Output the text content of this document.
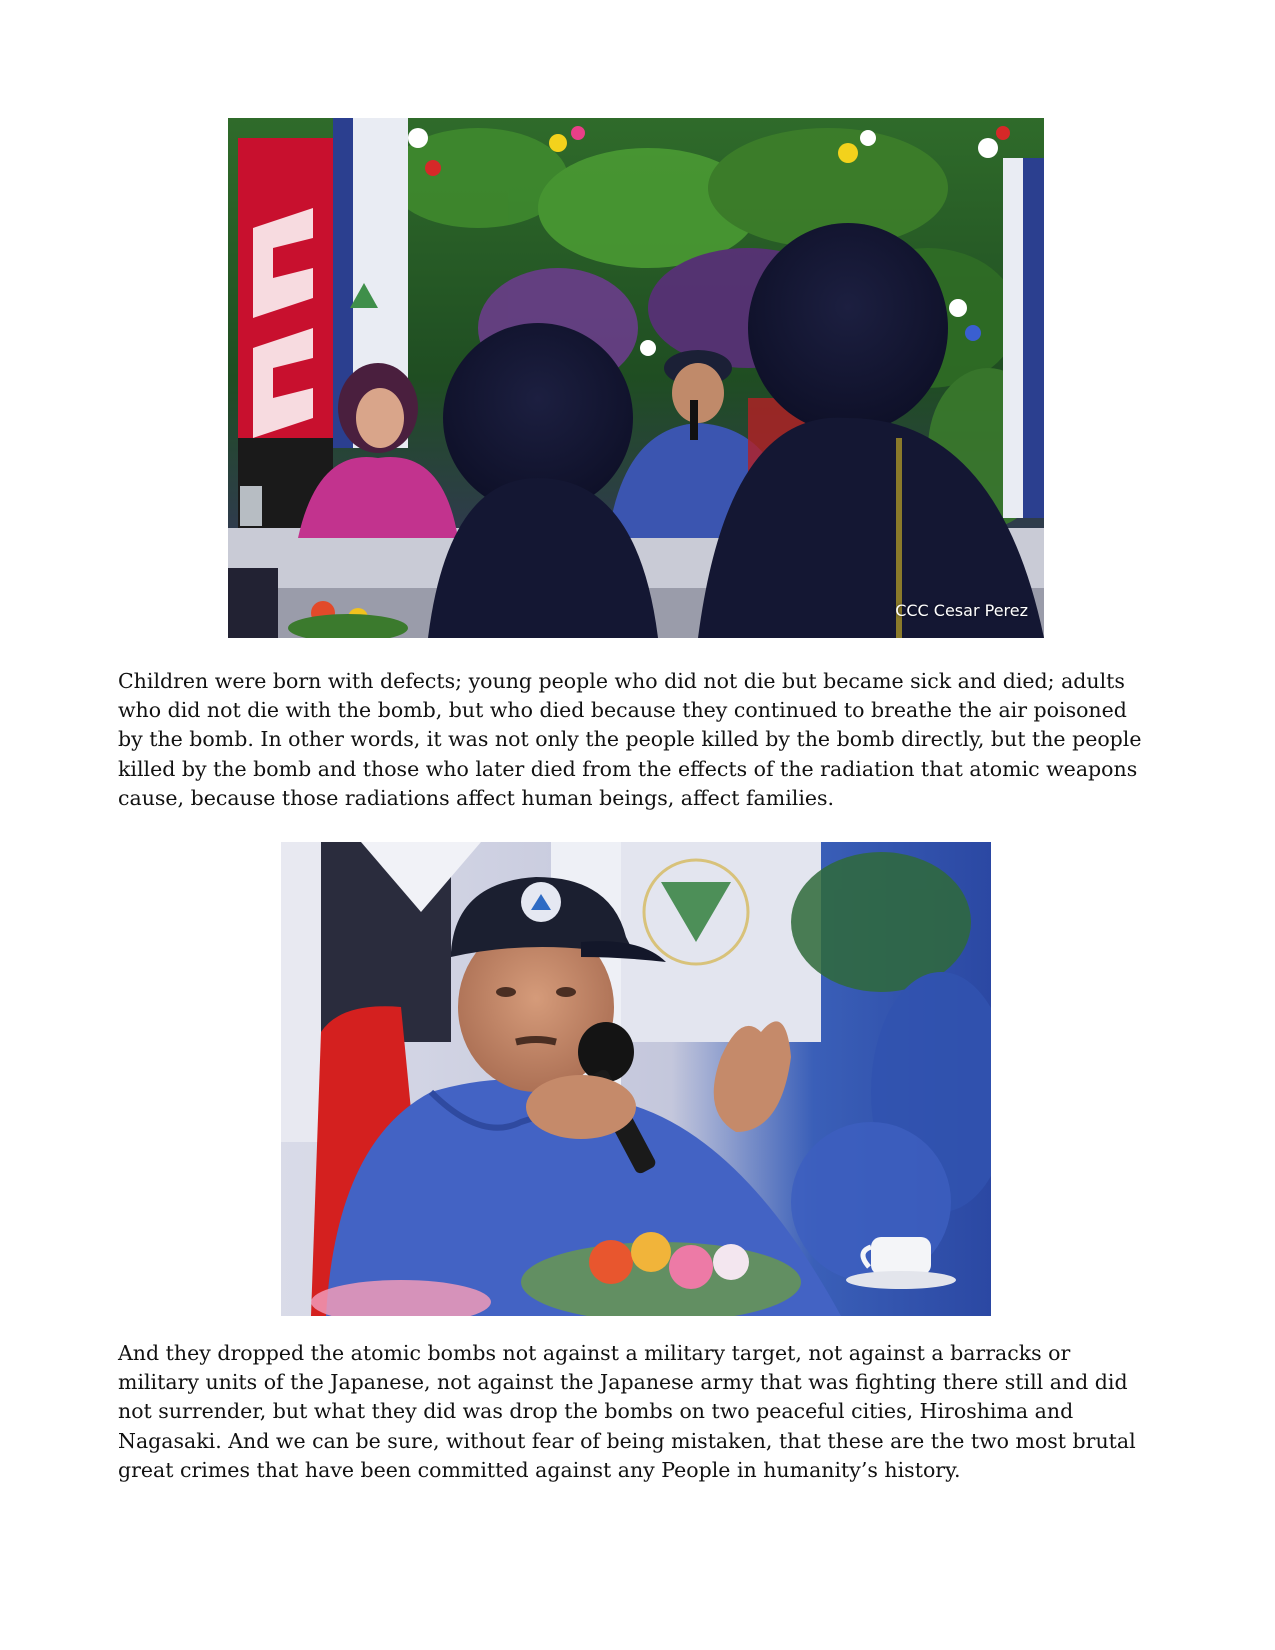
CCC Cesar Perez

Children were born with defects; young people who did not die but became sick and died; adults
who did not die with the bomb, but who died because they continued to breathe the air poisoned
by the bomb. In other words, it was not only the people killed by the bomb directly, but the people
killed by the bomb and those who later died from the effects of the radiation that atomic weapons
cause, because those radiations affect human beings, affect families.

And they dropped the atomic bombs not against a military target, not against a barracks or
military units of the Japanese, not against the Japanese army that was fighting there still and did
not surrender, but what they did was drop the bombs on two peaceful cities, Hiroshima and
Nagasaki. And we can be sure, without fear of being mistaken, that these are the two most brutal
great crimes that have been committed against any People in humanity’s history.
